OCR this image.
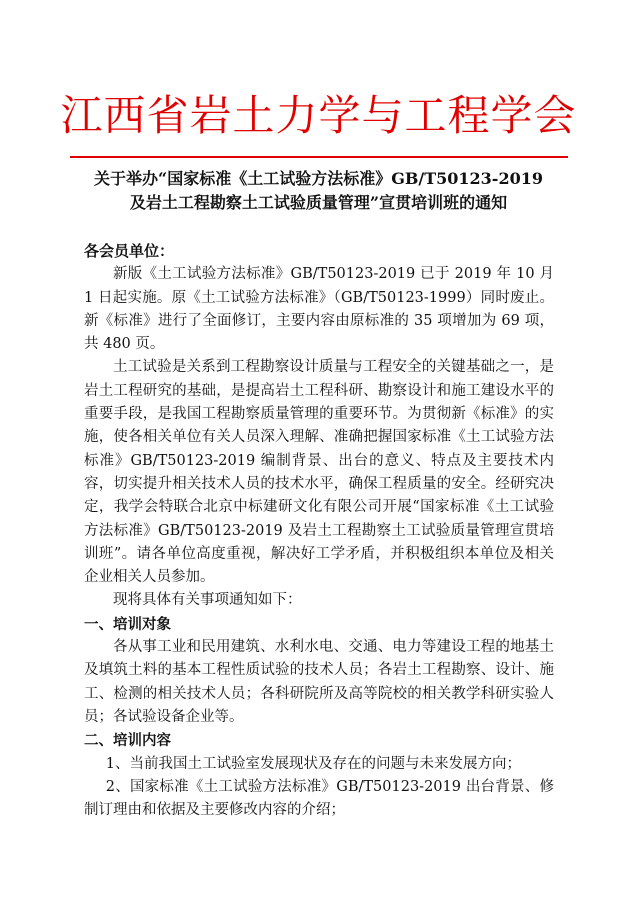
江西省岩土力学与工程学会
关于举办“国家标准《土工试验方法标准》GB/T50123-2019
及岩土工程勘察土工试验质量管理”宣贯培训班的通知

各会员单位：

新版《土工试验方法标准》GB/T50123-2019 已于 2019 年 10 月 1 日起实施。原《土工试验方法标准》（GB/T50123-1999）同时废止。新《标准》进行了全面修订，主要内容由原标准的 35 项增加为 69 项，共 480 页。

土工试验是关系到工程勘察设计质量与工程安全的关键基础之一，是岩土工程研究的基础，是提高岩土工程科研、勘察设计和施工建设水平的重要手段，是我国工程勘察质量管理的重要环节。为贯彻新《标准》的实施，使各相关单位有关人员深入理解、准确把握国家标准《土工试验方法标准》GB/T50123-2019 编制背景、出台的意义、特点及主要技术内容，切实提升相关技术人员的技术水平，确保工程质量的安全。经研究决定，我学会特联合北京中标建研文化有限公司开展“国家标准《土工试验方法标准》GB/T50123-2019 及岩土工程勘察土工试验质量管理宣贯培训班”。请各单位高度重视，解决好工学矛盾，并积极组织本单位及相关企业相关人员参加。

现将具体有关事项通知如下：

一、培训对象

各从事工业和民用建筑、水利水电、交通、电力等建设工程的地基土及填筑土料的基本工程性质试验的技术人员；各岩土工程勘察、设计、施工、检测的相关技术人员；各科研院所及高等院校的相关教学科研实验人员；各试验设备企业等。

二、培训内容

1、当前我国土工试验室发展现状及存在的问题与未来发展方向；

2、国家标准《土工试验方法标准》GB/T50123-2019 出台背景、修制订理由和依据及主要修改内容的介绍；
